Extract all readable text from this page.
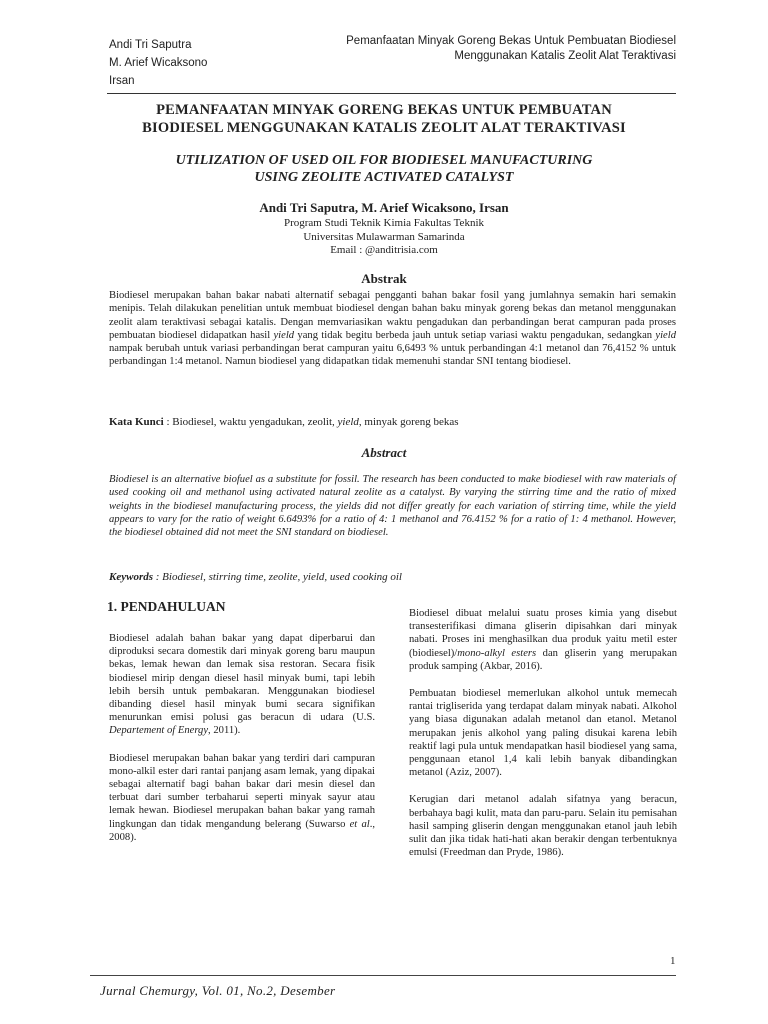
Andi Tri Saputra
M. Arief Wicaksono
Irsan
Pemanfaatan Minyak Goreng Bekas Untuk Pembuatan Biodiesel
Menggunakan Katalis Zeolit Alat Teraktivasi
PEMANFAATAN MINYAK GORENG BEKAS UNTUK PEMBUATAN
BIODIESEL MENGGUNAKAN KATALIS ZEOLIT ALAT TERAKTIVASI
UTILIZATION OF USED OIL FOR BIODIESEL MANUFACTURING
USING ZEOLITE ACTIVATED CATALYST
Andi Tri Saputra, M. Arief Wicaksono, Irsan
Program Studi Teknik Kimia Fakultas Teknik
Universitas Mulawarman Samarinda
Email : @anditrisia.com
Abstrak
Biodiesel merupakan bahan bakar nabati alternatif sebagai pengganti bahan bakar fosil yang jumlahnya semakin hari semakin menipis. Telah dilakukan penelitian untuk membuat biodiesel dengan bahan baku minyak goreng bekas dan metanol menggunakan zeolit alam teraktivasi sebagai katalis. Dengan memvariasikan waktu pengadukan dan perbandingan berat campuran pada proses pembuatan biodiesel didapatkan hasil yield yang tidak begitu berbeda jauh untuk setiap variasi waktu pengadukan, sedangkan yield nampak berubah untuk variasi perbandingan berat campuran yaitu 6,6493 % untuk perbandingan 4:1 metanol dan 76,4152 % untuk perbandingan 1:4 metanol. Namun biodiesel yang didapatkan tidak memenuhi standar SNI tentang biodiesel.
Kata Kunci : Biodiesel, waktu yengadukan, zeolit, yield, minyak goreng bekas
Abstract
Biodiesel is an alternative biofuel as a substitute for fossil. The research has been conducted to make biodiesel with raw materials of used cooking oil and methanol using activated natural zeolite as a catalyst. By varying the stirring time and the ratio of mixed weights in the biodiesel manufacturing process, the yields did not differ greatly for each variation of stirring time, while the yield appears to vary for the ratio of weight 6.6493% for a ratio of 4: 1 methanol and 76.4152 % for a ratio of 1: 4 methanol. However, the biodiesel obtained did not meet the SNI standard on biodiesel.
Keywords : Biodiesel, stirring time, zeolite, yield, used cooking oil
1. PENDAHULUAN

Biodiesel adalah bahan bakar yang dapat diperbarui dan diproduksi secara domestik dari minyak goreng baru maupun bekas, lemak hewan dan lemak sisa restoran. Secara fisik biodiesel mirip dengan diesel hasil minyak bumi, tapi lebih lebih bersih untuk pembakaran. Menggunakan biodiesel dibanding diesel hasil minyak bumi secara signifikan menurunkan emisi polusi gas beracun di udara (U.S. Departement of Energy, 2011).

Biodiesel merupakan bahan bakar yang terdiri dari campuran mono-alkil ester dari rantai panjang asam lemak, yang dipakai sebagai alternatif bagi bahan bakar dari mesin diesel dan terbuat dari sumber terbaharui seperti minyak sayur atau lemak hewan. Biodiesel merupakan bahan bakar yang ramah lingkungan dan tidak mengandung belerang (Suwarso et al., 2008).

Biodiesel dibuat melalui suatu proses kimia yang disebut transesterifikasi dimana gliserin dipisahkan dari minyak nabati. Proses ini menghasilkan dua produk yaitu metil ester (biodiesel)/mono-alkyl esters dan gliserin yang merupakan produk samping (Akbar, 2016).

Pembuatan biodiesel memerlukan alkohol untuk memecah rantai trigliserida yang terdapat dalam minyak nabati. Alkohol yang biasa digunakan adalah metanol dan etanol. Metanol merupakan jenis alkohol yang paling disukai karena lebih reaktif lagi pula untuk mendapatkan hasil biodiesel yang sama, penggunaan etanol 1,4 kali lebih banyak dibandingkan metanol (Aziz, 2007).

Kerugian dari metanol adalah sifatnya yang beracun, berbahaya bagi kulit, mata dan paru-paru. Selain itu pemisahan hasil samping gliserin dengan menggunakan etanol jauh lebih sulit dan jika tidak hati-hati akan berakir dengan terbentuknya emulsi (Freedman dan Pryde, 1986).

1
Jurnal Chemurgy, Vol. 01, No.2, Desember
